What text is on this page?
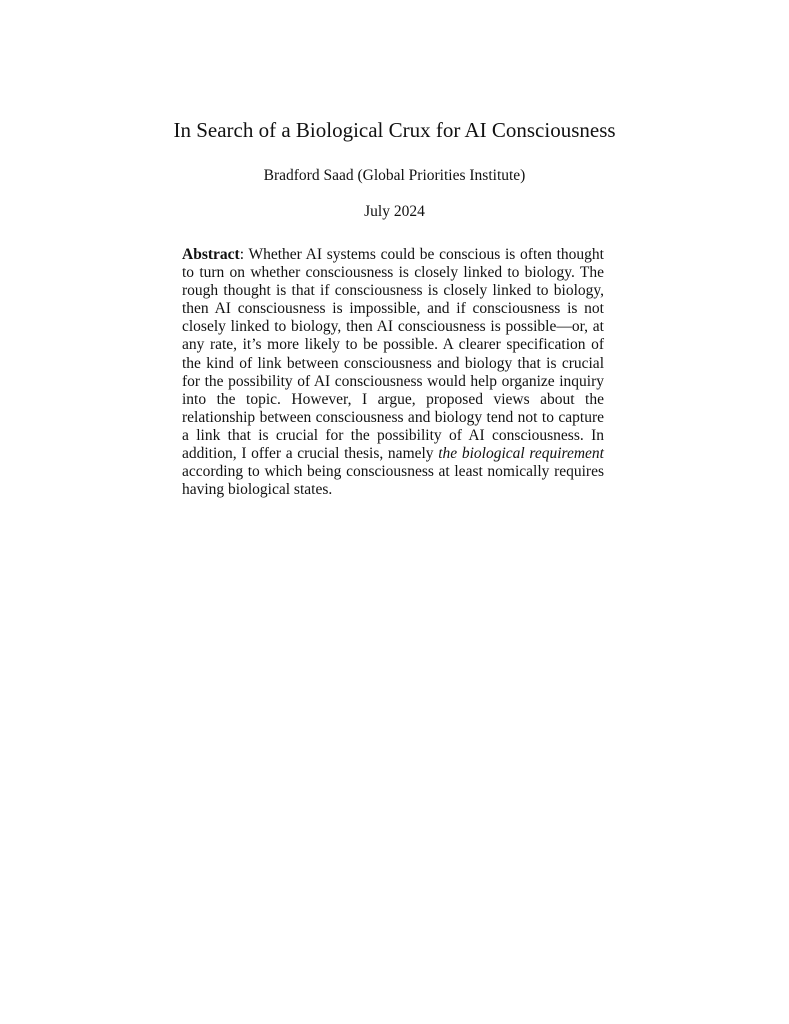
In Search of a Biological Crux for AI Consciousness

Bradford Saad (Global Priorities Institute)

July 2024

Abstract: Whether AI systems could be conscious is often thought to turn on whether consciousness is closely linked to biology. The rough thought is that if consciousness is closely linked to biology, then AI consciousness is impossible, and if consciousness is not closely linked to biology, then AI consciousness is possible—or, at any rate, it’s more likely to be possible. A clearer specification of the kind of link between consciousness and biology that is crucial for the possibility of AI consciousness would help organize inquiry into the topic. However, I argue, proposed views about the relationship between consciousness and biology tend not to capture a link that is crucial for the possibility of AI consciousness. In addition, I offer a crucial thesis, namely the biological requirement according to which being consciousness at least nomically requires having biological states.
